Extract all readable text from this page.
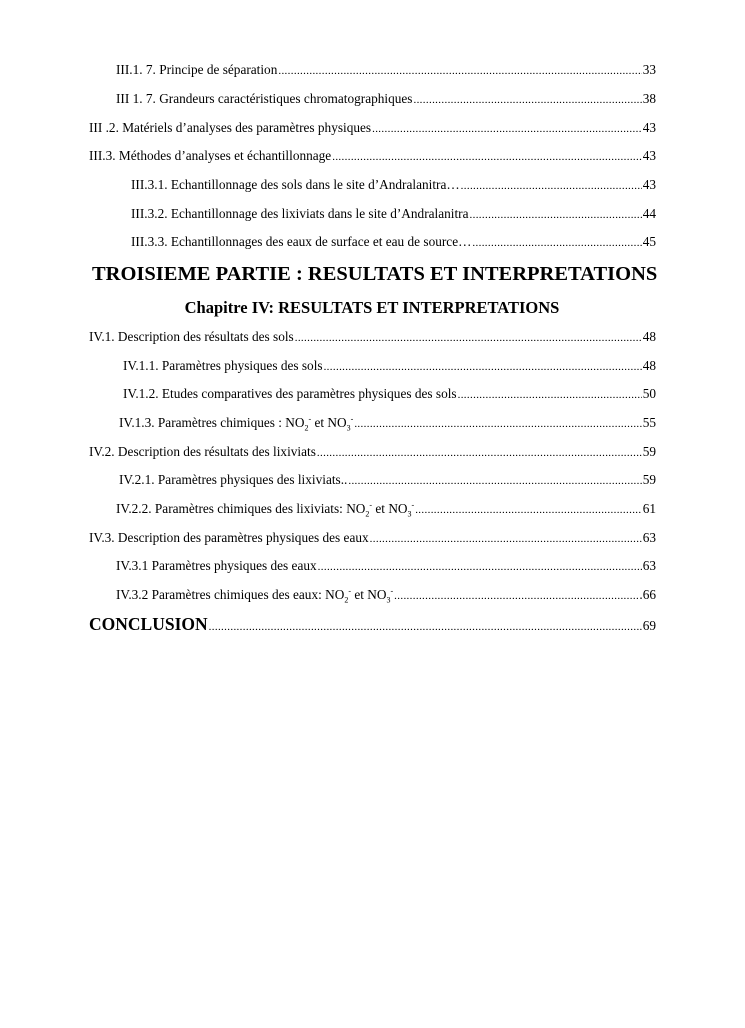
III.1. 7. Principe de séparation . . .	33
III 1. 7. Grandeurs caractéristiques chromatographiques . . .	38
III .2. Matériels d’analyses des paramètres physiques . . .	43
III.3. Méthodes d’analyses et échantillonnage . . .	43
III.3.1. Echantillonnage des sols dans le site d’Andralanitra… . . .	43
III.3.2. Echantillonnage des lixiviats dans le site d’Andralanitra . . .	44
III.3.3. Echantillonnages des eaux de surface et eau de source… . . .	45
TROISIEME PARTIE : RESULTATS ET INTERPRETATIONS
Chapitre IV: RESULTATS ET INTERPRETATIONS
IV.1. Description des résultats des sols . . .	48
IV.1.1. Paramètres physiques des sols . . .	48
IV.1.2. Etudes comparatives des paramètres physiques des sols . . .	50
IV.1.3. Paramètres chimiques : $NO_2^-$ et $NO_3^-$ . . .	55
IV.2. Description des résultats des lixiviats . . .	59
IV.2.1. Paramètres physiques des lixiviats.. . . .	59
IV.2.2. Paramètres chimiques des lixiviats: $NO_2^-$ et $NO_3^-$ . . .	61
IV.3. Description des paramètres physiques des eaux . . .	63
IV.3.1 Paramètres physiques des eaux . . .	63
IV.3.2 Paramètres chimiques des eaux: $NO_2^-$ et $NO_3^-$ . . .	.66
CONCLUSION . . .	69
